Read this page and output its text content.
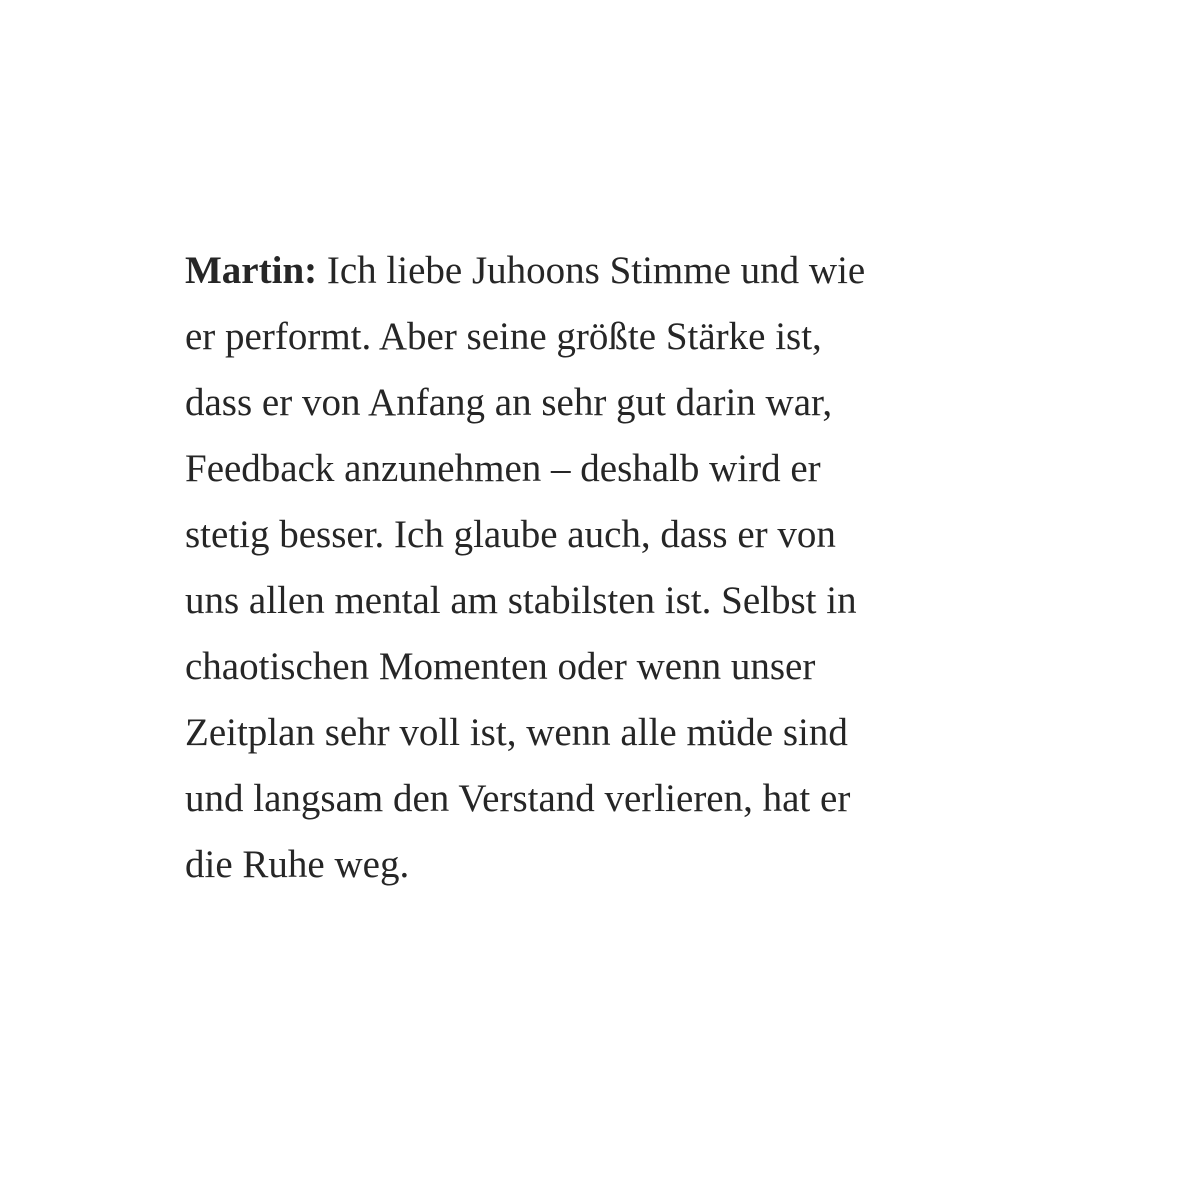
Martin: Ich liebe Juhoons Stimme und wie
er performt. Aber seine größte Stärke ist,
dass er von Anfang an sehr gut darin war,
Feedback anzunehmen – deshalb wird er
stetig besser. Ich glaube auch, dass er von
uns allen mental am stabilsten ist. Selbst in
chaotischen Momenten oder wenn unser
Zeitplan sehr voll ist, wenn alle müde sind
und langsam den Verstand verlieren, hat er
die Ruhe weg.
